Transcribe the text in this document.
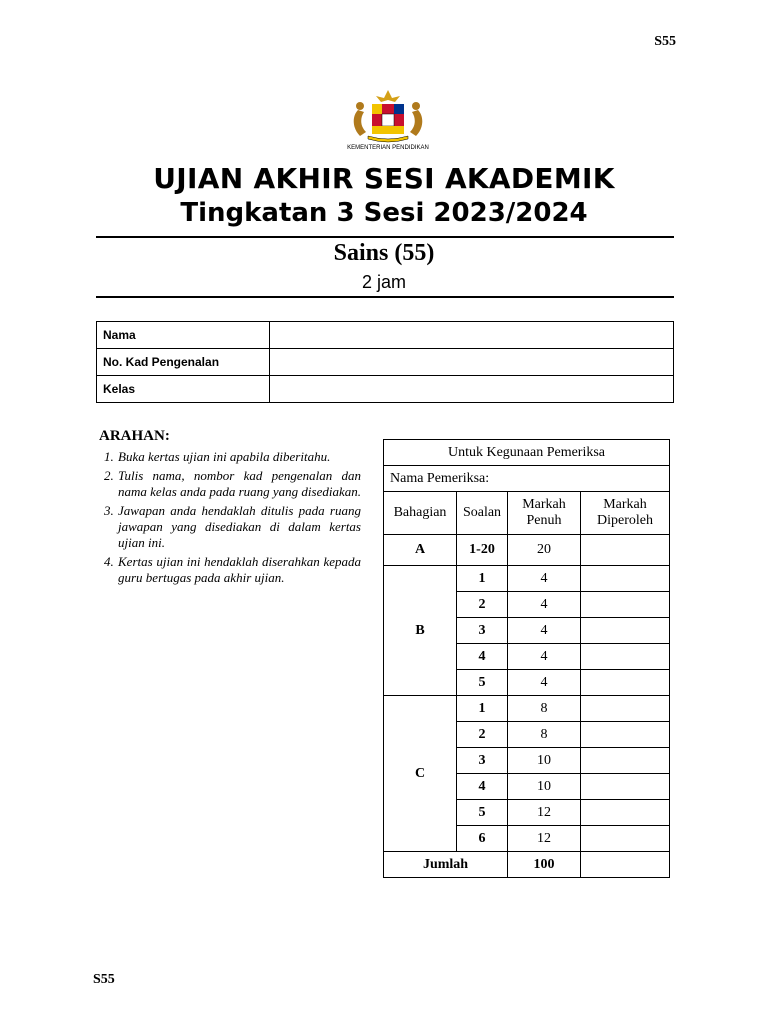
S55
KEMENTERIAN PENDIDIKAN
UJIAN AKHIR SESI AKADEMIK
Tingkatan 3 Sesi 2023/2024
Sains (55)
2 jam
Nama	
No. Kad Pengenalan	
Kelas	
ARAHAN:
1. Buka kertas ujian ini apabila diberitahu.
2. Tulis nama, nombor kad pengenalan dan nama kelas anda pada ruang yang disediakan.
3. Jawapan anda hendaklah ditulis pada ruang jawapan yang disediakan di dalam kertas ujian ini.
4. Kertas ujian ini hendaklah diserahkan kepada guru bertugas pada akhir ujian.
Untuk Kegunaan Pemeriksa			
Nama Pemeriksa:			
Bahagian	Soalan	Markah Penuh	Markah Diperoleh
A	1-20	20	
B	1	4	
	2	4	
	3	4	
	4	4	
	5	4	
C	1	8	
	2	8	
	3	10	
	4	10	
	5	12	
	6	12	
Jumlah		100	
S55
